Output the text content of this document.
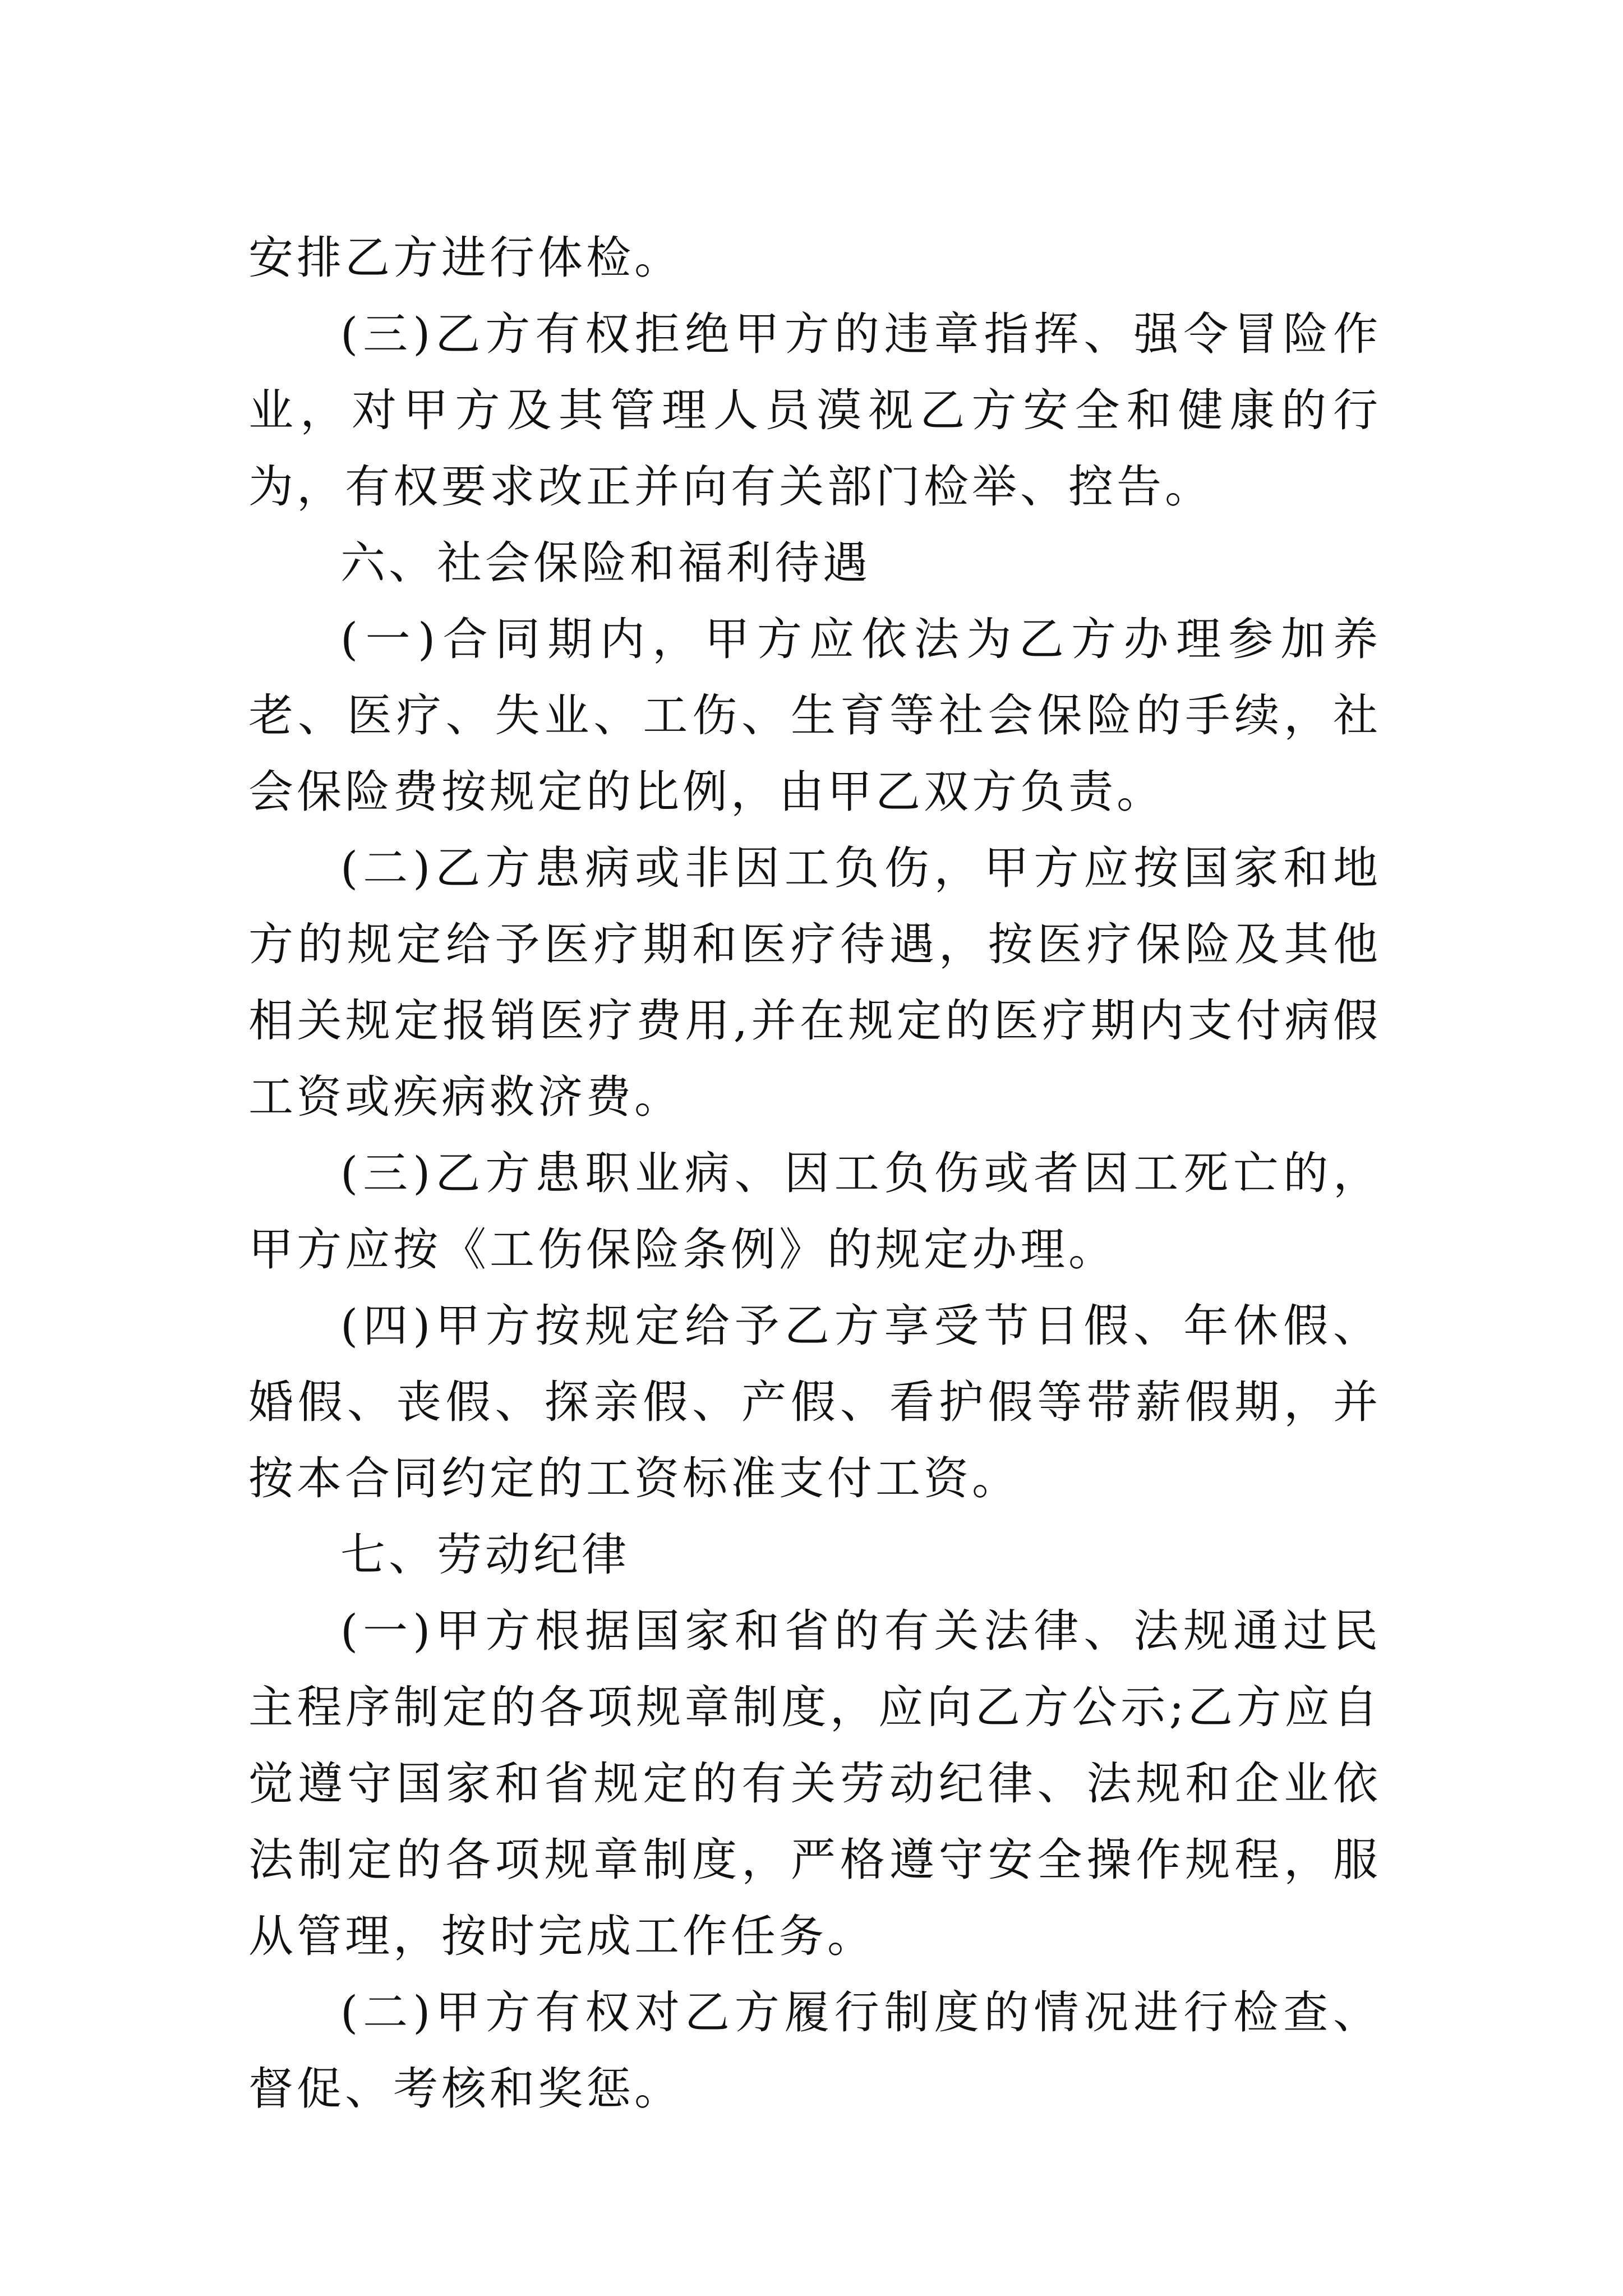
安排乙方进行体检。

(三)乙方有权拒绝甲方的违章指挥、强令冒险作业，对甲方及其管理人员漠视乙方安全和健康的行为，有权要求改正并向有关部门检举、控告。

六、社会保险和福利待遇

(一)合同期内，甲方应依法为乙方办理参加养老、医疗、失业、工伤、生育等社会保险的手续，社会保险费按规定的比例，由甲乙双方负责。

(二)乙方患病或非因工负伤，甲方应按国家和地方的规定给予医疗期和医疗待遇，按医疗保险及其他相关规定报销医疗费用,并在规定的医疗期内支付病假工资或疾病救济费。

(三)乙方患职业病、因工负伤或者因工死亡的，甲方应按《工伤保险条例》的规定办理。

(四)甲方按规定给予乙方享受节日假、年休假、婚假、丧假、探亲假、产假、看护假等带薪假期，并按本合同约定的工资标准支付工资。

七、劳动纪律

(一)甲方根据国家和省的有关法律、法规通过民主程序制定的各项规章制度，应向乙方公示;乙方应自觉遵守国家和省规定的有关劳动纪律、法规和企业依法制定的各项规章制度，严格遵守安全操作规程，服从管理，按时完成工作任务。

(二)甲方有权对乙方履行制度的情况进行检查、督促、考核和奖惩。
